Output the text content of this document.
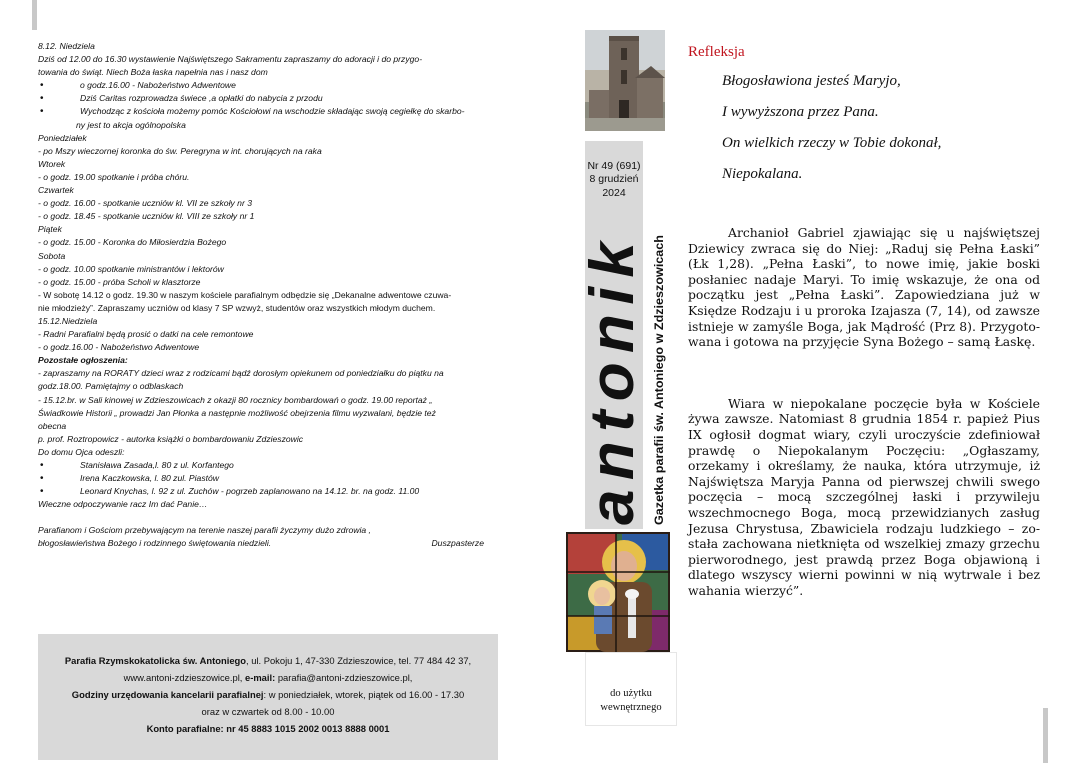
8.12. Niedziela

Dziś od 12.00 do 16.30 wystawienie Najświętszego Sakramentu zapraszamy do adoracji i do przygo-

towania do świąt. Niech Boża łaska napełnia nas i nasz dom

• o godz.16.00 - Nabożeństwo Adwentowe

• Dziś Caritas rozprowadza świece ,a opłatki do nabycia z przodu

• Wychodząc z kościoła możemy pomóc Kościołowi na wschodzie składając swoją cegiełkę do skarbo-

ny jest to akcja ogólnopolska

Poniedziałek

- po Mszy wieczornej koronka do św. Peregryna w int. chorujących na raka

Wtorek

- o godz. 19.00 spotkanie i próba chóru.

Czwartek

- o godz. 16.00 - spotkanie uczniów kl. VII ze szkoły nr 3

- o godz. 18.45 - spotkanie uczniów kl. VIII ze szkoły nr 1

Piątek

- o godz. 15.00 - Koronka do Miłosierdzia Bożego

Sobota

- o godz. 10.00 spotkanie ministrantów i lektorów

- o godz. 15.00 - próba Scholi w klasztorze

- W sobotę 14.12 o godz. 19.30 w naszym kościele parafialnym odbędzie się „Dekanalne adwentowe czuwa-

nie młodzieży”. Zapraszamy uczniów od klasy 7 SP wzwyż, studentów oraz wszystkich młodym duchem.

15.12.Niedziela

- Radni Parafialni będą prosić o datki na cele remontowe

- o godz.16.00 - Nabożeństwo Adwentowe

Pozostałe ogłoszenia:

- zapraszamy na RORATY dzieci wraz z rodzicami bądź dorosłym opiekunem od poniedziałku do piątku na

godz.18.00. Pamiętajmy o odblaskach

- 15.12.br. w Sali kinowej w Zdzieszowicach z okazji 80 rocznicy bombardowań o godz. 19.00 reportaż „

Świadkowie Historii „ prowadzi Jan Płonka a następnie możliwość obejrzenia filmu wyzwalani, będzie też

obecna

p. prof. Roztropowicz - autorka książki o bombardowaniu Zdzieszowic

Do domu Ojca odeszli:

• Stanisława Zasada,l. 80 z ul. Korfantego

• Irena Kaczkowska, l. 80 zul. Piastów

• Leonard Knychas, l. 92 z ul. Zuchów - pogrzeb zaplanowano na 14.12. br. na godz. 11.00

Wieczne odpoczywanie racz Im dać Panie…

Parafianom i Gościom przebywającym na terenie naszej parafii życzymy dużo zdrowia ,

błogosławieństwa Bożego i rodzinnego świętowania niedzieli.	Duszpasterze

Parafia Rzymskokatolicka św. Antoniego, ul. Pokoju 1, 47-330 Zdzieszowice, tel. 77 484 42 37,

www.antoni-zdzieszowice.pl, e-mail: parafia@antoni-zdzieszowice.pl,

Godziny urzędowania kancelarii parafialnej: w poniedziałek, wtorek, piątek od 16.00 - 17.30

oraz w czwartek od 8.00 - 10.00

Konto parafialne: nr 45 8883 1015 2002 0013 8888 0001

Nr 49 (691)

8 grudzień

2024

antonik Gazetka parafii św. Antoniego w Zdzieszowicach

do użytku

wewnętrznego

Refleksja

Błogosławiona jesteś Maryjo,

I wywyższona przez Pana.

On wielkich rzeczy w Tobie dokonał,

Niepokalana.

Archanioł Gabriel zjawiając się u najświętszej Dziewicy zwraca się do Niej: „Raduj się Pełna Łaski” (Łk 1,28). „Pełna Łaski”, to nowe imię, jakie boski posłaniec nadaje Maryi. To imię wskazuje, że ona od początku jest „Pełna Łaski”. Zapowiedziana już w Księdze Rodzaju i u proroka Izajasza (7, 14), od zawsze istnieje w zamyśle Boga, jak Mądrość (Prz 8). Przygotowana i gotowa na przyjęcie Syna Bożego – samą Łaskę.

Wiara w niepokalane poczęcie była w Kościele żywa zawsze. Natomiast 8 grudnia 1854 r. papież Pius IX ogłosił dogmat wiary, czyli uroczyście zdefiniował prawdę o Niepokalanym Poczęciu: „Ogłaszamy, orzekamy i określamy, że nauka, która utrzymuje, iż Najświętsza Maryja Panna od pierwszej chwili swego poczęcia – mocą szczególnej łaski i przywileju wszechmocnego Boga, mocą przewidzianych zasług Jezusa Chrystusa, Zbawiciela rodzaju ludzkiego – została zachowana nietknięta od wszelkiej zmazy grzechu pierworodnego, jest prawdą przez Boga objawioną i dlatego wszyscy wierni powinni w nią wytrwale i bez wahania wierzyć”.
